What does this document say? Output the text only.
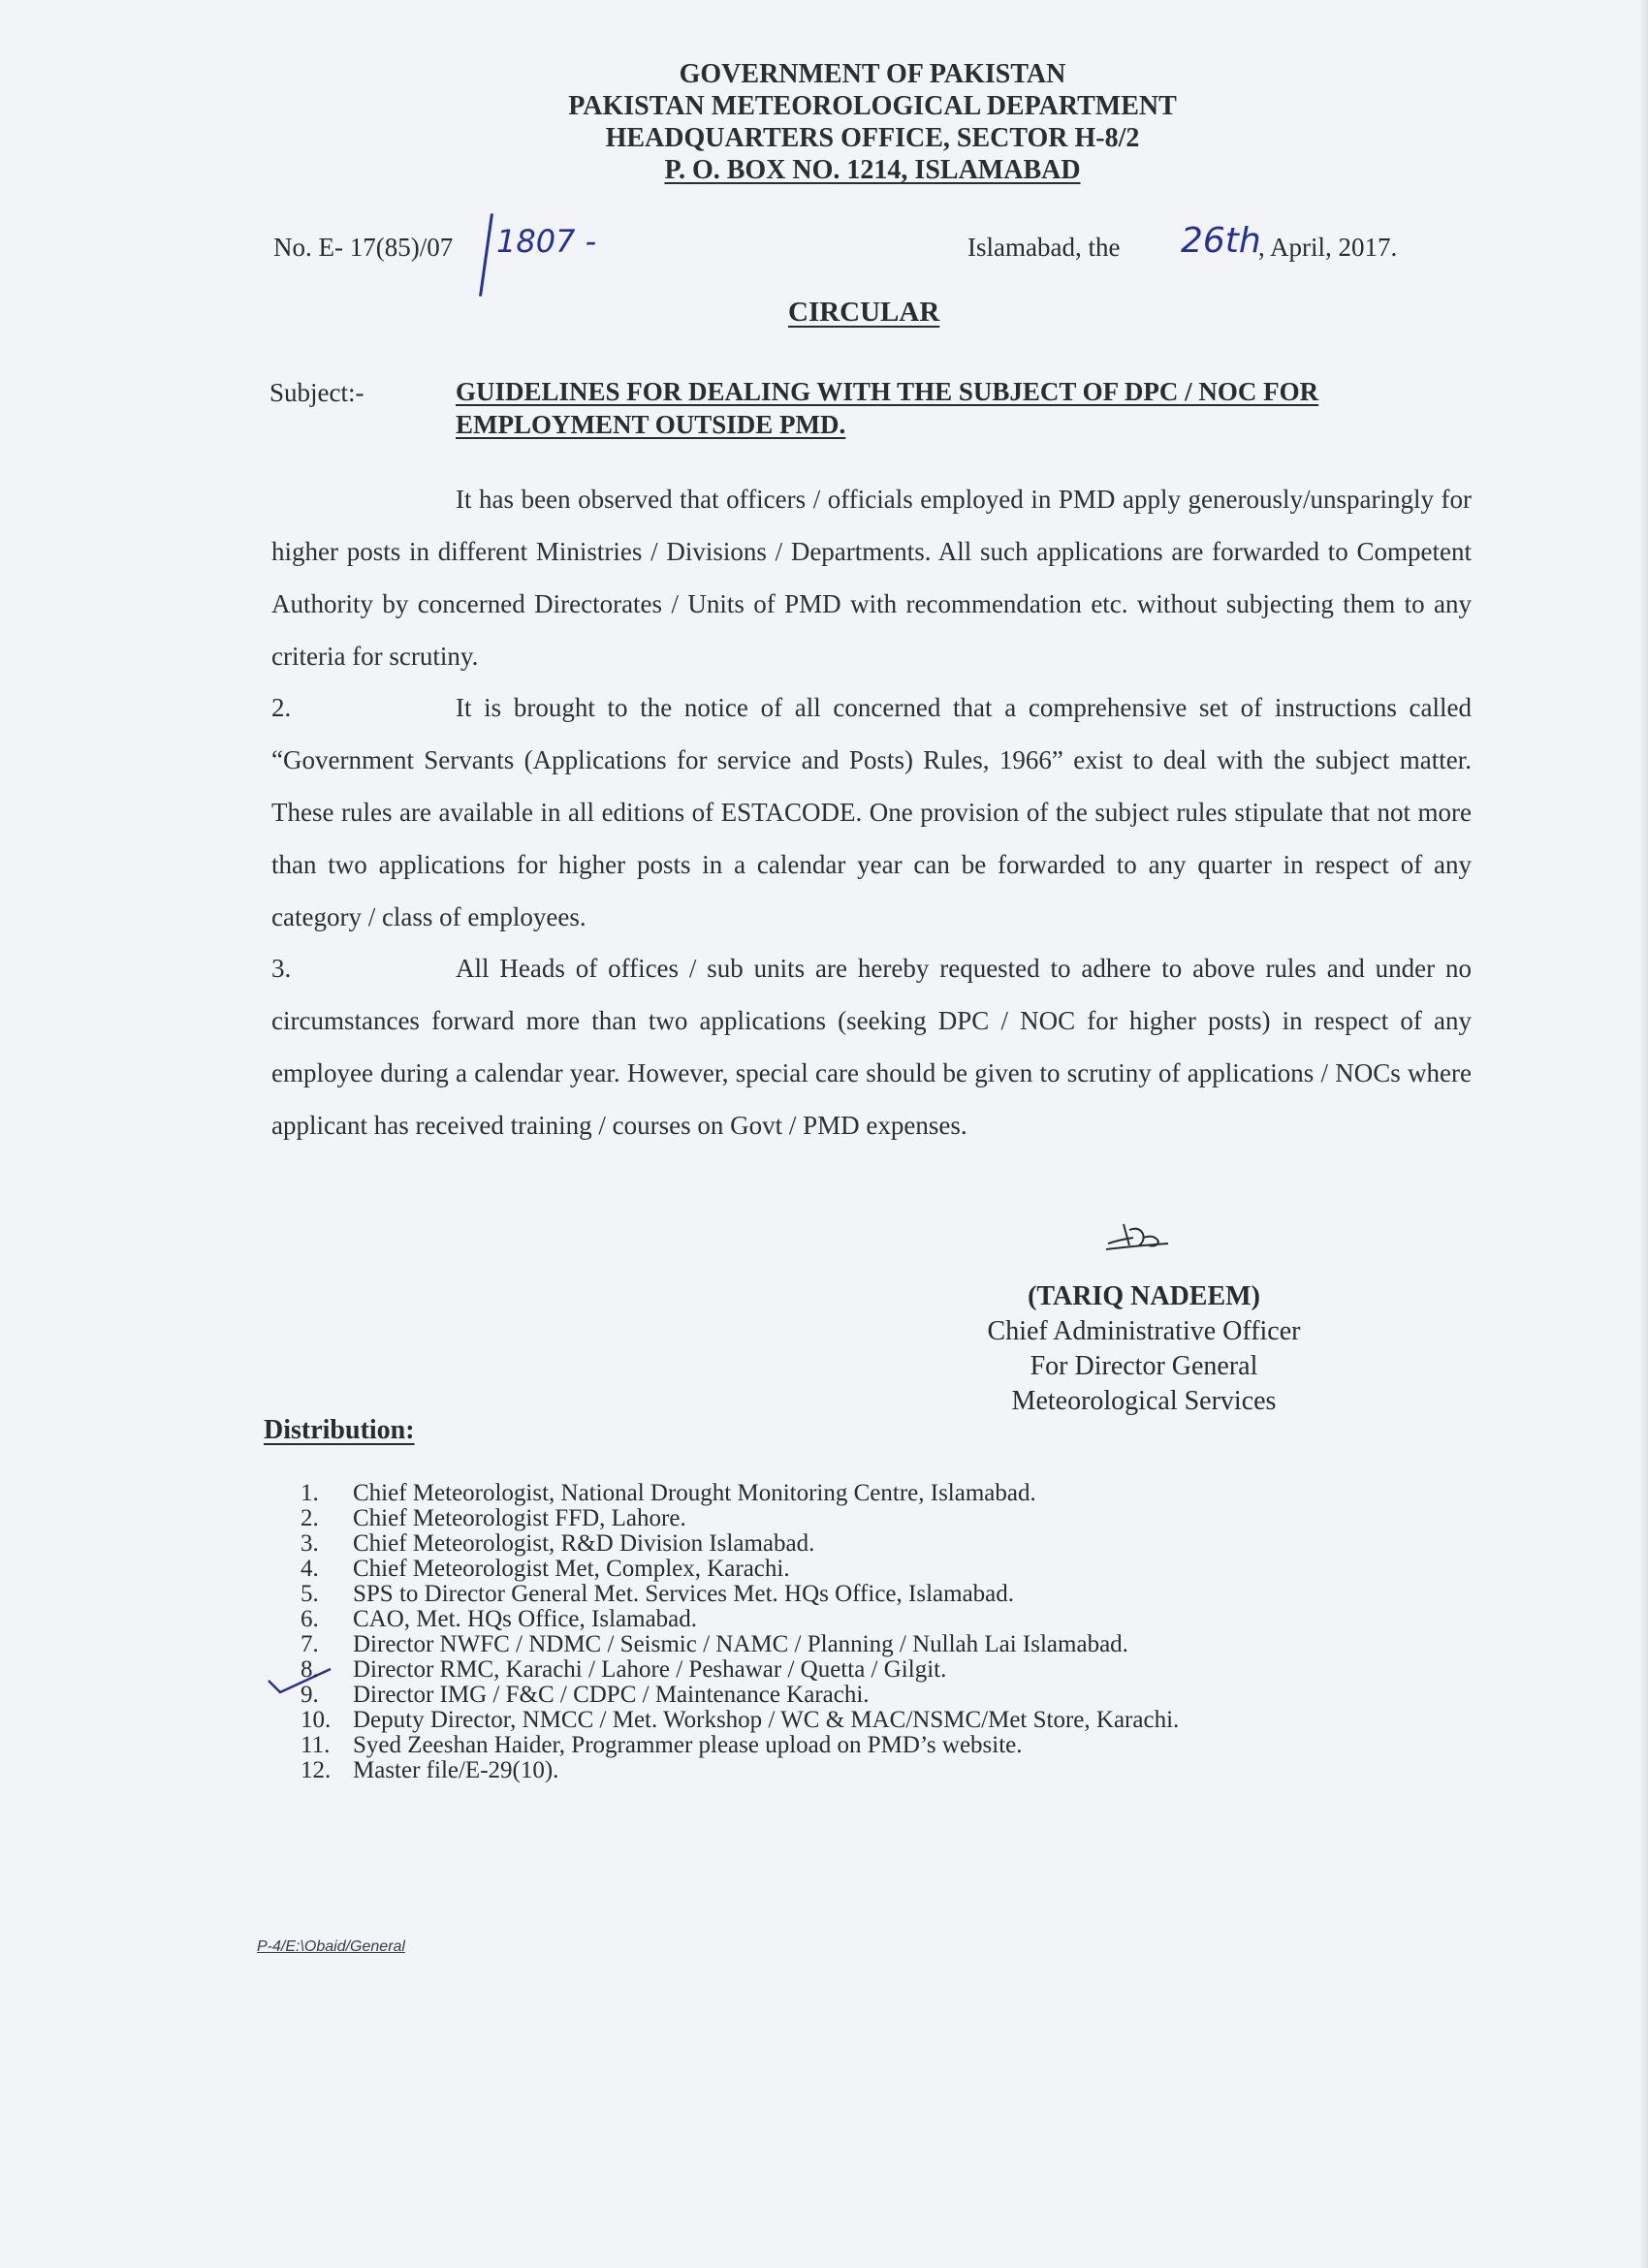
GOVERNMENT OF PAKISTAN
PAKISTAN METEOROLOGICAL DEPARTMENT
HEADQUARTERS OFFICE, SECTOR H-8/2
P. O. BOX NO. 1214, ISLAMABAD
No. E- 17(85)/07 1807 -	Islamabad, the 26th
, April, 2017.
CIRCULAR
Subject:-	GUIDELINES FOR DEALING WITH THE SUBJECT OF DPC / NOC FOR EMPLOYMENT OUTSIDE PMD.
It has been observed that officers / officials employed in PMD apply generously/unsparingly for higher posts in different Ministries / Divisions / Departments. All such applications are forwarded to Competent Authority by concerned Directorates / Units of PMD with recommendation etc. without subjecting them to any criteria for scrutiny.
2.	It is brought to the notice of all concerned that a comprehensive set of instructions called “Government Servants (Applications for service and Posts) Rules, 1966” exist to deal with the subject matter. These rules are available in all editions of ESTACODE. One provision of the subject rules stipulate that not more than two applications for higher posts in a calendar year can be forwarded to any quarter in respect of any category / class of employees.
3.	All Heads of offices / sub units are hereby requested to adhere to above rules and under no circumstances forward more than two applications (seeking DPC / NOC for higher posts) in respect of any employee during a calendar year. However, special care should be given to scrutiny of applications / NOCs where applicant has received training / courses on Govt / PMD expenses.
(TARIQ NADEEM)
Chief Administrative Officer
For Director General
Meteorological Services
Distribution:
1.	Chief Meteorologist, National Drought Monitoring Centre, Islamabad.
2.	Chief Meteorologist FFD, Lahore.
3.	Chief Meteorologist, R&D Division Islamabad.
4.	Chief Meteorologist Met, Complex, Karachi.
5.	SPS to Director General Met. Services Met. HQs Office, Islamabad.
6.	CAO, Met. HQs Office, Islamabad.
7.	Director NWFC / NDMC / Seismic / NAMC / Planning / Nullah Lai Islamabad.
8.	Director RMC, Karachi / Lahore / Peshawar / Quetta / Gilgit.
9.	Director IMG / F&C / CDPC / Maintenance Karachi.
10. Deputy Director, NMCC / Met. Workshop / WC & MAC/NSMC/Met Store, Karachi.
11. Syed Zeeshan Haider, Programmer please upload on PMD’s website.
12. Master file/E-29(10).
P-4/E:\Obaid/General
